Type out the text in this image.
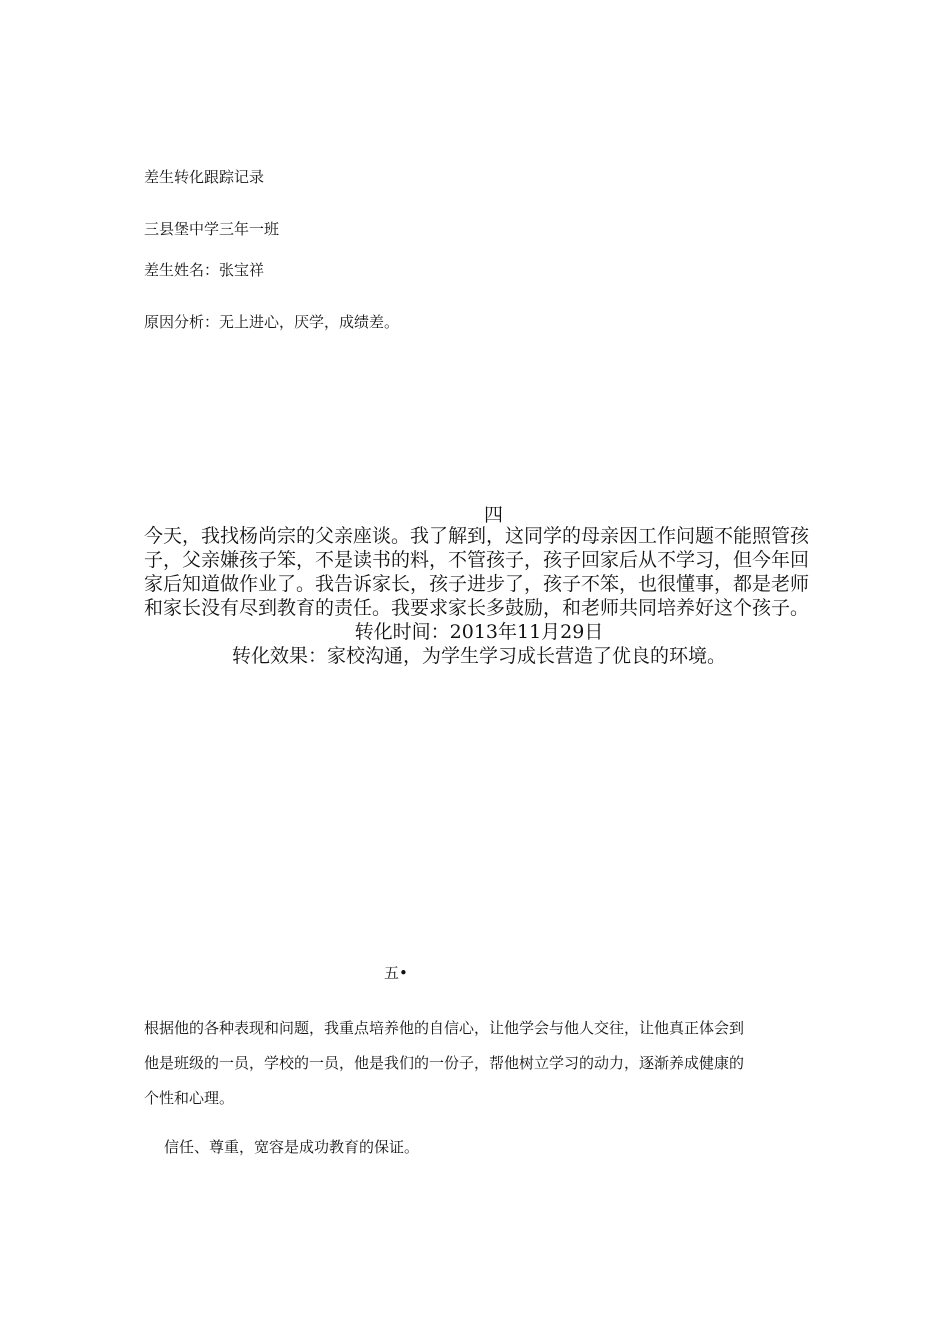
差生转化跟踪记录

三县堡中学三年一班

差生姓名：张宝祥

原因分析：无上进心，厌学，成绩差。

四

今天，我找杨尚宗的父亲座谈。我了解到，这同学的母亲因工作问题不能照管孩
子，父亲嫌孩子笨，不是读书的料，不管孩子，孩子回家后从不学习，但今年回
家后知道做作业了。我告诉家长，孩子进步了，孩子不笨，也很懂事，都是老师
和家长没有尽到教育的责任。我要求家长多鼓励，和老师共同培养好这个孩子。
转化时间：2013年11月29日
转化效果：家校沟通，为学生学习成长营造了优良的环境。

五•

根据他的各种表现和问题，我重点培养他的自信心，让他学会与他人交往，让他真正体会到
他是班级的一员，学校的一员，他是我们的一份子，帮他树立学习的动力，逐渐养成健康的
个性和心理。

信任、尊重，宽容是成功教育的保证。
